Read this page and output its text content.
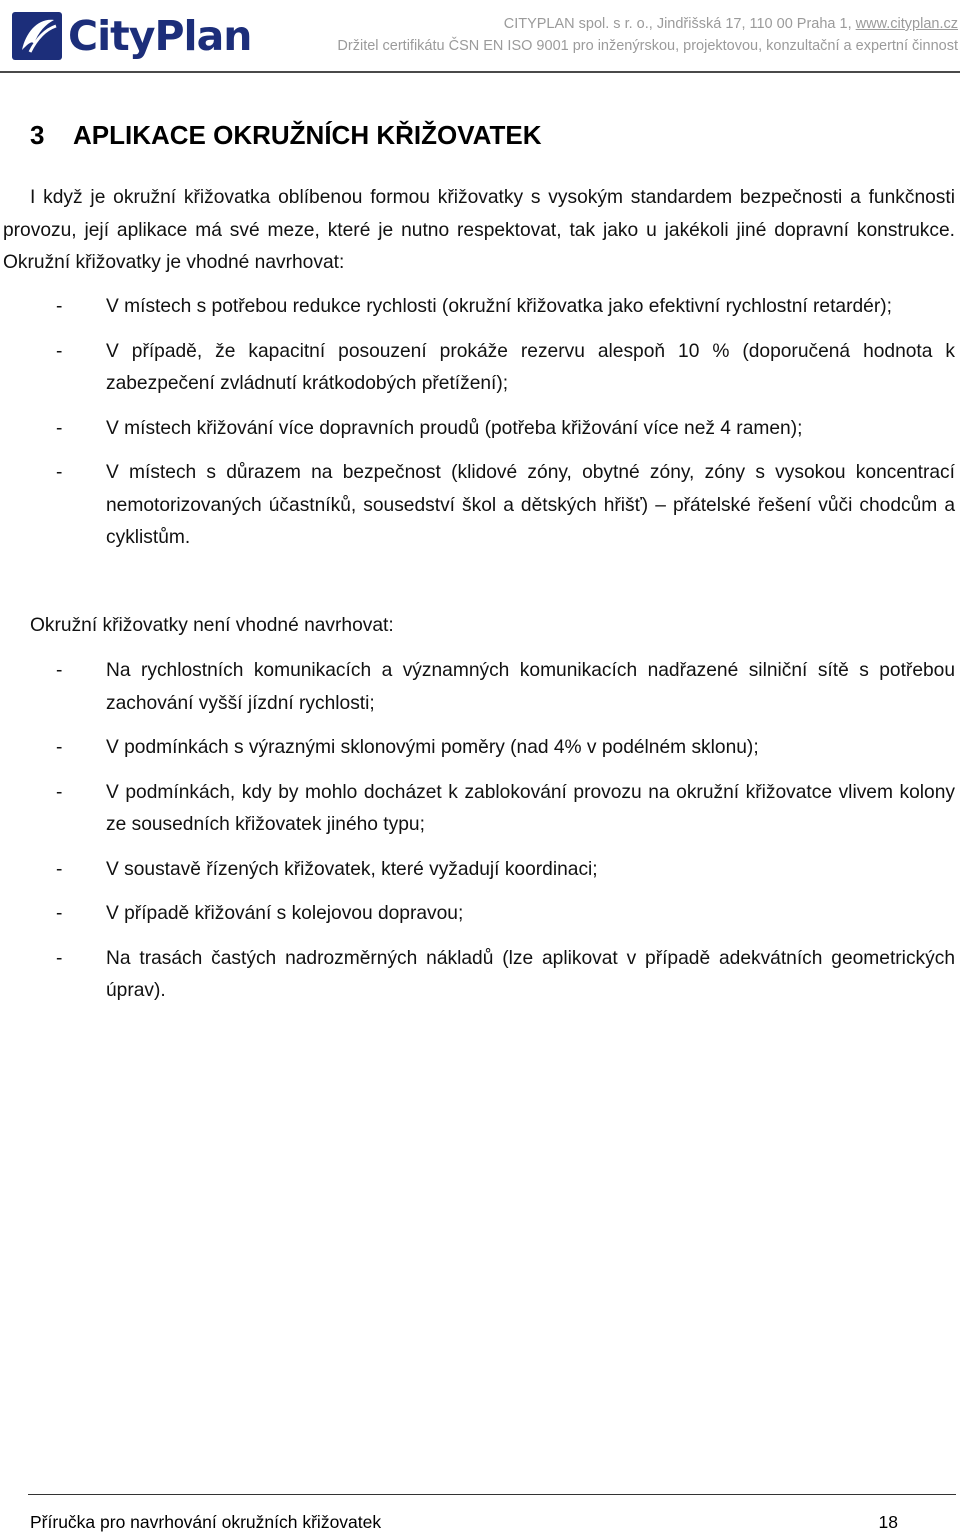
CityPlan	CITYPLAN spol. s r. o., Jindřišská 17, 110 00 Praha 1, www.cityplan.cz
Držitel certifikátu ČSN EN ISO 9001 pro inženýrskou, projektovou, konzultační a expertní činnost
3 APLIKACE OKRUŽNÍCH KŘIŽOVATEK
I když je okružní křižovatka oblíbenou formou křižovatky s vysokým standardem bezpečnosti a funkčnosti provozu, její aplikace má své meze, které je nutno respektovat, tak jako u jakékoli jiné dopravní konstrukce. Okružní křižovatky je vhodné navrhovat:
- V místech s potřebou redukce rychlosti (okružní křižovatka jako efektivní rychlostní retardér);
- V případě, že kapacitní posouzení prokáže rezervu alespoň 10 % (doporučená hodnota k zabezpečení zvládnutí krátkodobých přetížení);
- V místech křižování více dopravních proudů (potřeba křižování více než 4 ramen);
- V místech s důrazem na bezpečnost (klidové zóny, obytné zóny, zóny s vysokou koncentrací nemotorizovaných účastníků, sousedství škol a dětských hřišť) – přátelské řešení vůči chodcům a cyklistům.
Okružní křižovatky není vhodné navrhovat:
- Na rychlostních komunikacích a významných komunikacích nadřazené silniční sítě s potřebou zachování vyšší jízdní rychlosti;
- V podmínkách s výraznými sklonovými poměry (nad 4% v podélném sklonu);
- V podmínkách, kdy by mohlo docházet k zablokování provozu na okružní křižovatce vlivem kolony ze sousedních křižovatek jiného typu;
- V soustavě řízených křižovatek, které vyžadují koordinaci;
- V případě křižování s kolejovou dopravou;
- Na trasách častých nadrozměrných nákladů (lze aplikovat v případě adekvátních geometrických úprav).
Příručka pro navrhování okružních křižovatek	18
